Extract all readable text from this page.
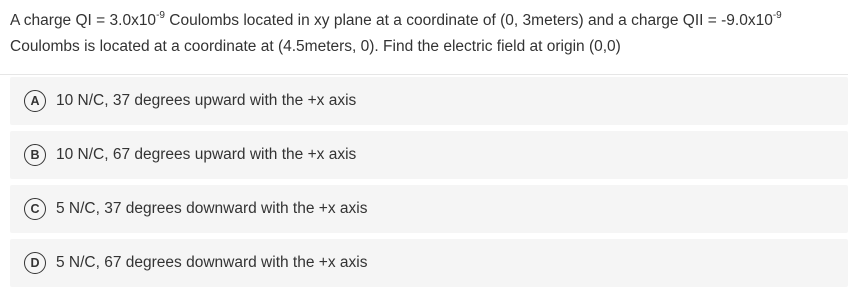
A charge QI = $3.0x10^{-9}$ Coulombs located in xy plane at a coordinate of (0, 3meters) and a charge QII = $-9.0x10^{-9}$ Coulombs is located at a coordinate at (4.5meters, 0). Find the electric field at origin (0,0)
A	10 N/C, 37 degrees upward with the +x axis
B	10 N/C, 67 degrees upward with the +x axis
C	5 N/C, 37 degrees downward with the +x axis
D	5 N/C, 67 degrees downward with the +x axis
